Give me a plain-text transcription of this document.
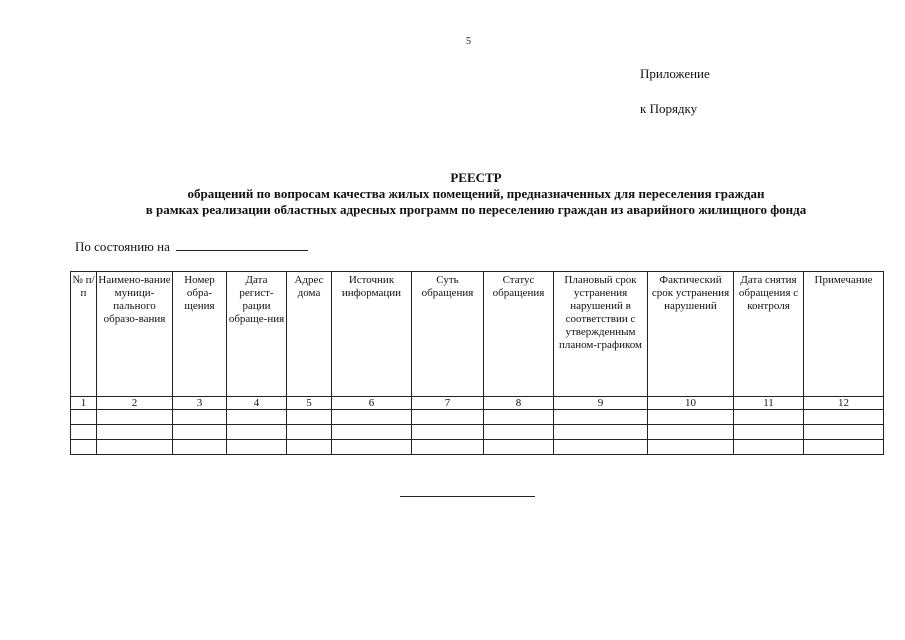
5
Приложение
к Порядку
РЕЕСТР
обращений по вопросам качества жилых помещений, предназначенных для переселения граждан
в рамках реализации областных адресных программ по переселению граждан из аварийного жилищного фонда
По состоянию на
№ п/п	Наимено-вание муници-пального образо-вания	Номер обра-щения	Дата регист-рации обраще-ния	Адрес дома	Источник информации	Суть обращения	Статус обращения	Плановый срок устранения нарушений в соответствии с утвержденным планом-графиком	Фактический срок устранения нарушений	Дата снятия обращения с контроля	Примечание
1	2	3	4	5	6	7	8	9	10	11	12
